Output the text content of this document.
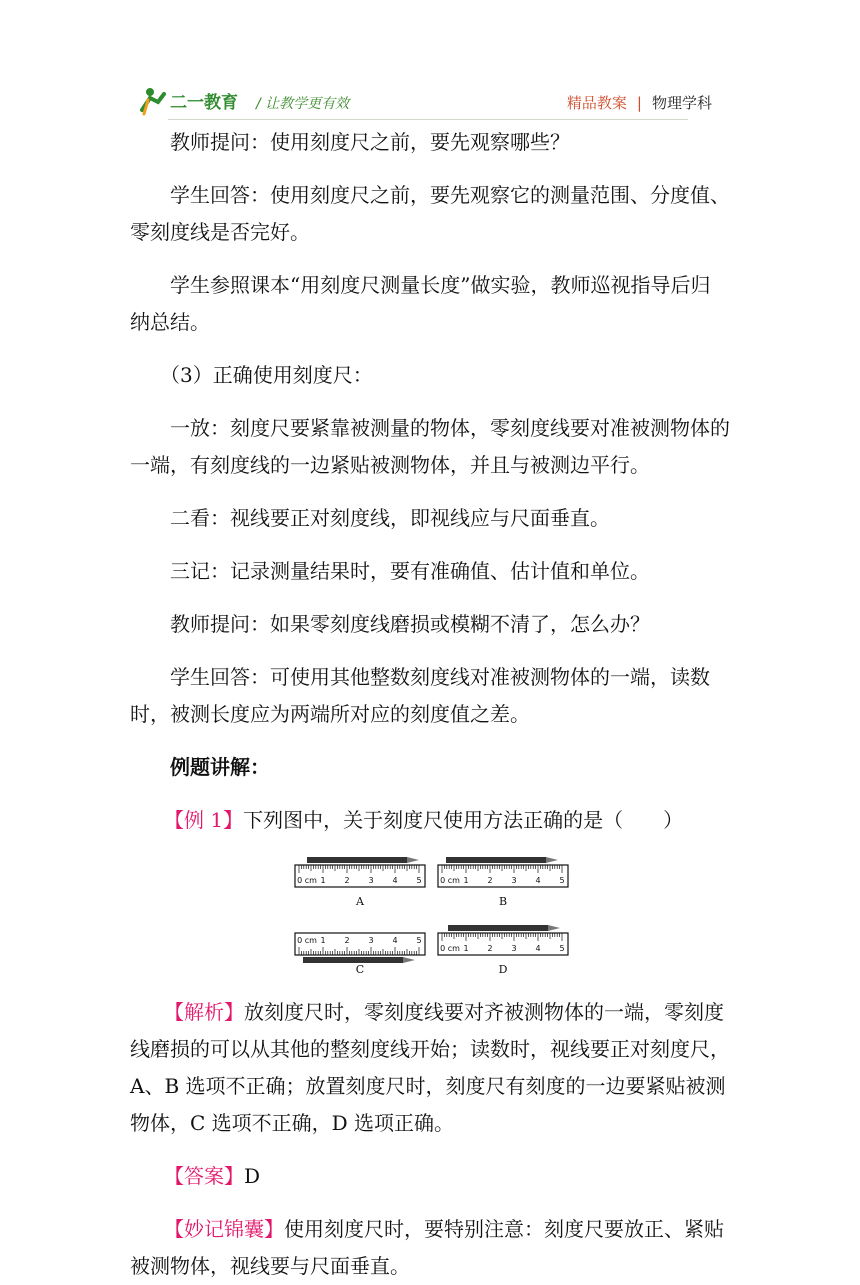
二一教育 / 让教学更有效	精品教案 | 物理学科

教师提问：使用刻度尺之前，要先观察哪些？

学生回答：使用刻度尺之前，要先观察它的测量范围、分度值、零刻度线是否完好。

学生参照课本“用刻度尺测量长度”做实验，教师巡视指导后归纳总结。

（3）正确使用刻度尺：

一放：刻度尺要紧靠被测量的物体，零刻度线要对准被测物体的一端，有刻度线的一边紧贴被测物体，并且与被测边平行。

二看：视线要正对刻度线，即视线应与尺面垂直。

三记：记录测量结果时，要有准确值、估计值和单位。

教师提问：如果零刻度线磨损或模糊不清了，怎么办？

学生回答：可使用其他整数刻度线对准被测物体的一端，读数时，被测长度应为两端所对应的刻度值之差。

例题讲解：

【例 1】下列图中，关于刻度尺使用方法正确的是（　　）

0 cm 1 2 3 4 5
A
0 cm 1 2 3 4 5
B
0 cm 1 2 3 4 5
C
0 cm 1 2 3 4 5
D

【解析】放刻度尺时，零刻度线要对齐被测物体的一端，零刻度线磨损的可以从其他的整刻度线开始；读数时，视线要正对刻度尺，A、B 选项不正确；放置刻度尺时，刻度尺有刻度的一边要紧贴被测物体，C 选项不正确，D 选项正确。

【答案】D

【妙记锦囊】使用刻度尺时，要特别注意：刻度尺要放正、紧贴被测物体，视线要与尺面垂直。
